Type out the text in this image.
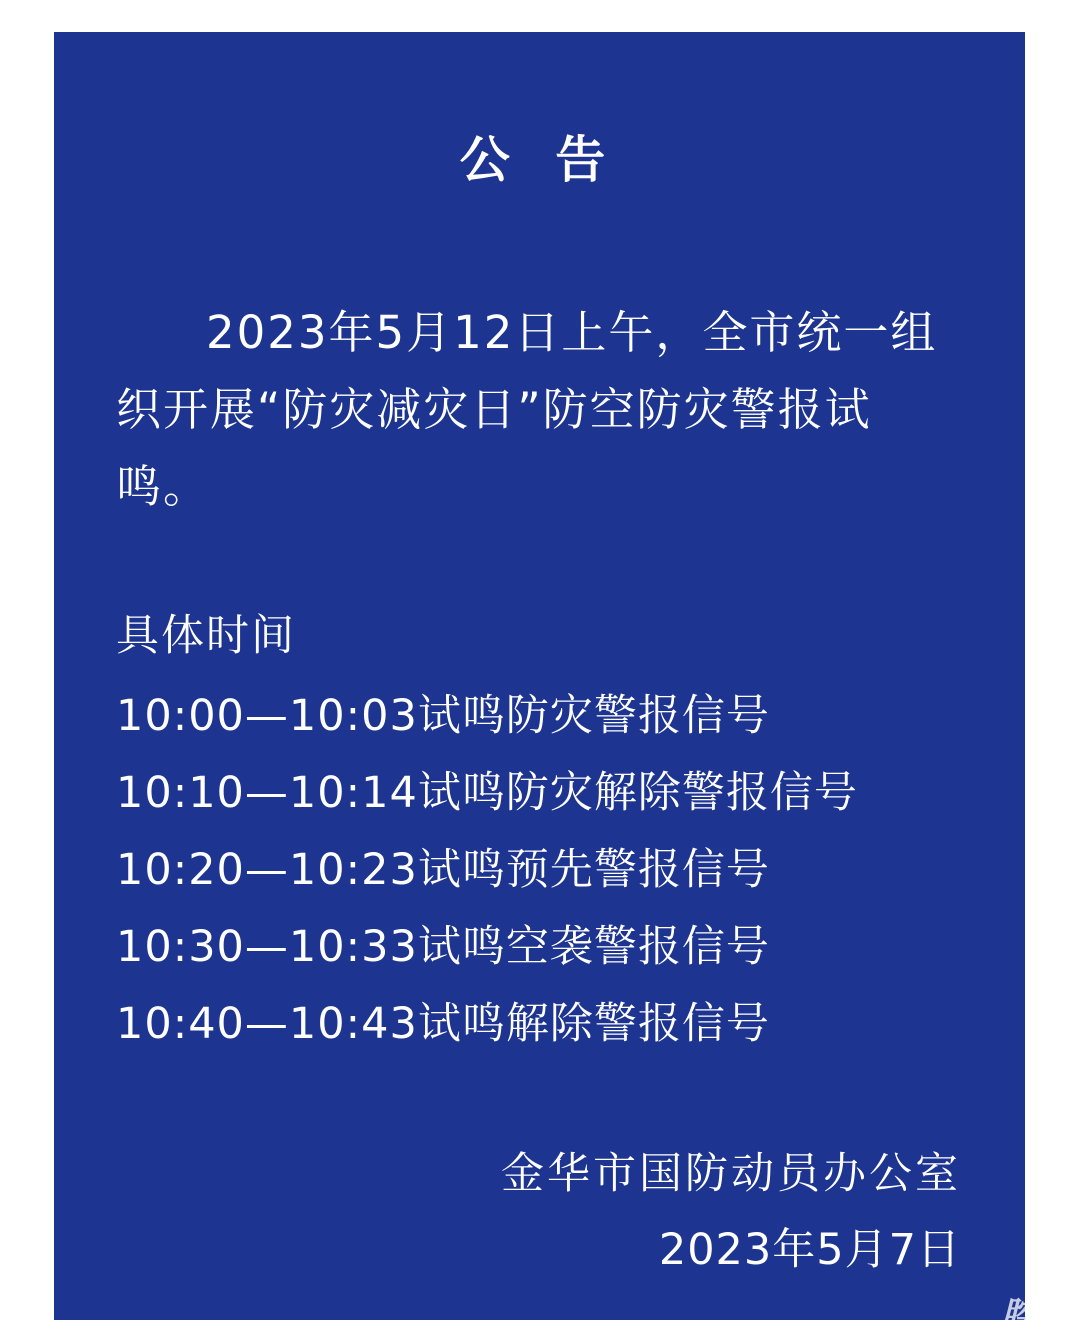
公 告
2023年5月12日上午，全市统一组织开展“防灾减灾日”防空防灾警报试鸣。
具体时间
10:00—10:03试鸣防灾警报信号
10:10—10:14试鸣防灾解除警报信号
10:20—10:23试鸣预先警报信号
10:30—10:33试鸣空袭警报信号
10:40—10:43试鸣解除警报信号
金华市国防动员办公室
2023年5月7日
腔友
